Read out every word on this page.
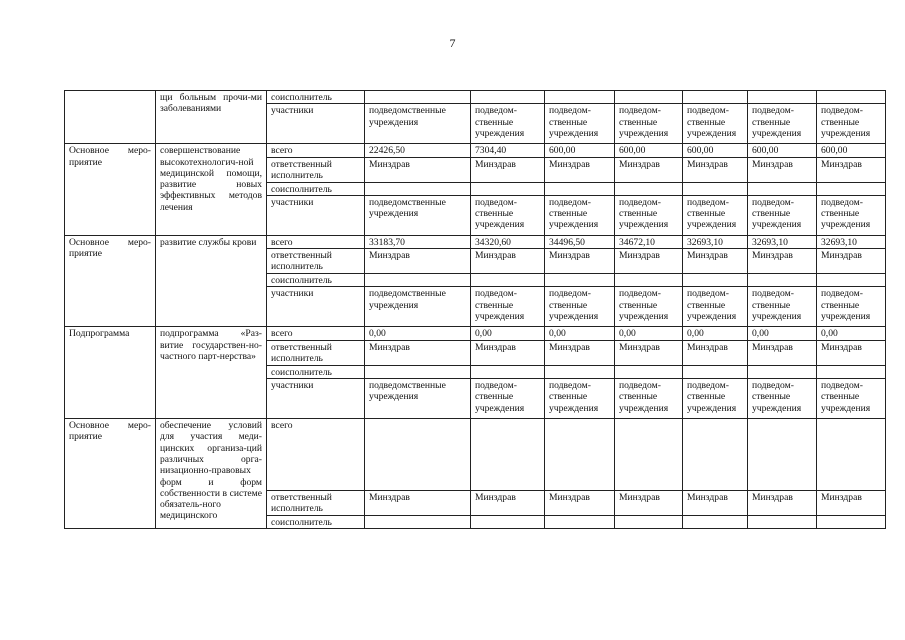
7
	щи больным прочи-ми заболеваниями	соисполнитель							
		участники	подведомственные учреждения	подведом-ственные учреждения	подведом-ственные учреждения	подведом-ственные учреждения	подведом-ственные учреждения	подведом-ственные учреждения	подведом-ственные учреждения
Основное меро-приятие	совершенствование высокотехнологич-ной медицинской помощи, развитие новых эффективных методов лечения	всего	22426,50	7304,40	600,00	600,00	600,00	600,00	600,00
		ответственный исполнитель	Минздрав	Минздрав	Минздрав	Минздрав	Минздрав	Минздрав	Минздрав
		соисполнитель							
		участники	подведомственные учреждения	подведом-ственные учреждения	подведом-ственные учреждения	подведом-ственные учреждения	подведом-ственные учреждения	подведом-ственные учреждения	подведом-ственные учреждения
Основное меро-приятие	развитие службы крови	всего	33183,70	34320,60	34496,50	34672,10	32693,10	32693,10	32693,10
		ответственный исполнитель	Минздрав	Минздрав	Минздрав	Минздрав	Минздрав	Минздрав	Минздрав
		соисполнитель							
		участники	подведомственные учреждения	подведом-ственные учреждения	подведом-ственные учреждения	подведом-ственные учреждения	подведом-ственные учреждения	подведом-ственные учреждения	подведом-ственные учреждения
Подпрограмма	подпрограмма «Раз-витие государствен-но-частного парт-нерства»	всего	0,00	0,00	0,00	0,00	0,00	0,00	0,00
		ответственный исполнитель	Минздрав	Минздрав	Минздрав	Минздрав	Минздрав	Минздрав	Минздрав
		соисполнитель							
		участники	подведомственные учреждения	подведом-ственные учреждения	подведом-ственные учреждения	подведом-ственные учреждения	подведом-ственные учреждения	подведом-ственные учреждения	подведом-ственные учреждения
Основное меро-приятие	обеспечение условий для участия меди-цинских организа-ций различных орга-низационно-правовых форм и форм собственности в системе обязатель-ного медицинского	всего							
		ответственный исполнитель	Минздрав	Минздрав	Минздрав	Минздрав	Минздрав	Минздрав	Минздрав
		соисполнитель							
